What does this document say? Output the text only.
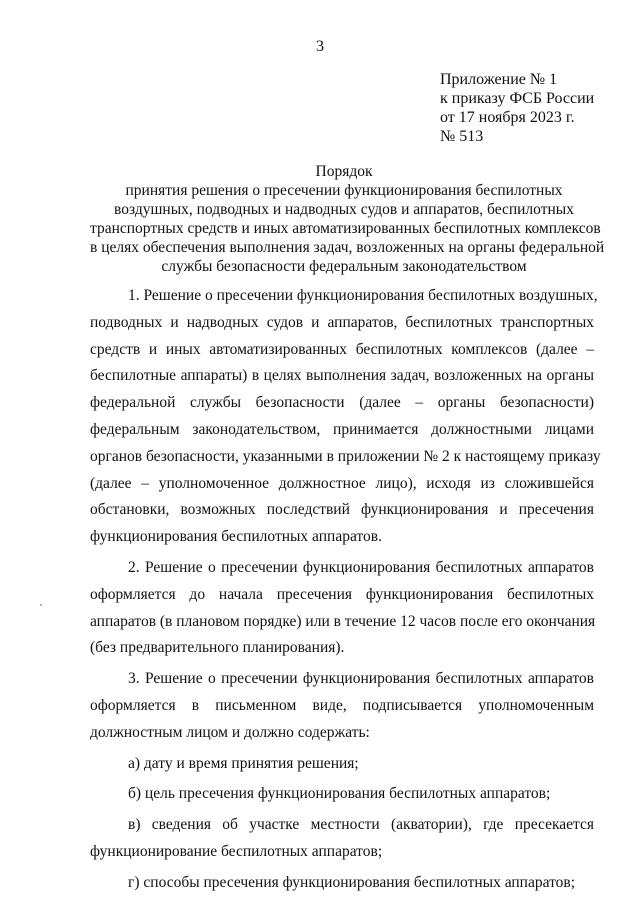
3
Приложение № 1
к приказу ФСБ России
от 17 ноября 2023 г.
№ 513
Порядок
принятия решения о пресечении функционирования беспилотных
воздушных, подводных и надводных судов и аппаратов, беспилотных
транспортных средств и иных автоматизированных беспилотных комплексов
в целях обеспечения выполнения задач, возложенных на органы федеральной
службы безопасности федеральным законодательством
1. Решение о пресечении функционирования беспилотных воздушных,
подводных и надводных судов и аппаратов, беспилотных транспортных
средств и иных автоматизированных беспилотных комплексов (далее –
беспилотные аппараты) в целях выполнения задач, возложенных на органы
федеральной службы безопасности (далее – органы безопасности)
федеральным законодательством, принимается должностными лицами
органов безопасности, указанными в приложении № 2 к настоящему приказу
(далее – уполномоченное должностное лицо), исходя из сложившейся
обстановки, возможных последствий функционирования и пресечения
функционирования беспилотных аппаратов.
2. Решение о пресечении функционирования беспилотных аппаратов
оформляется до начала пресечения функционирования беспилотных
аппаратов (в плановом порядке) или в течение 12 часов после его окончания
(без предварительного планирования).
3. Решение о пресечении функционирования беспилотных аппаратов
оформляется в письменном виде, подписывается уполномоченным
должностным лицом и должно содержать:
а) дату и время принятия решения;
б) цель пресечения функционирования беспилотных аппаратов;
в) сведения об участке местности (акватории), где пресекается
функционирование беспилотных аппаратов;
г) способы пресечения функционирования беспилотных аппаратов;
